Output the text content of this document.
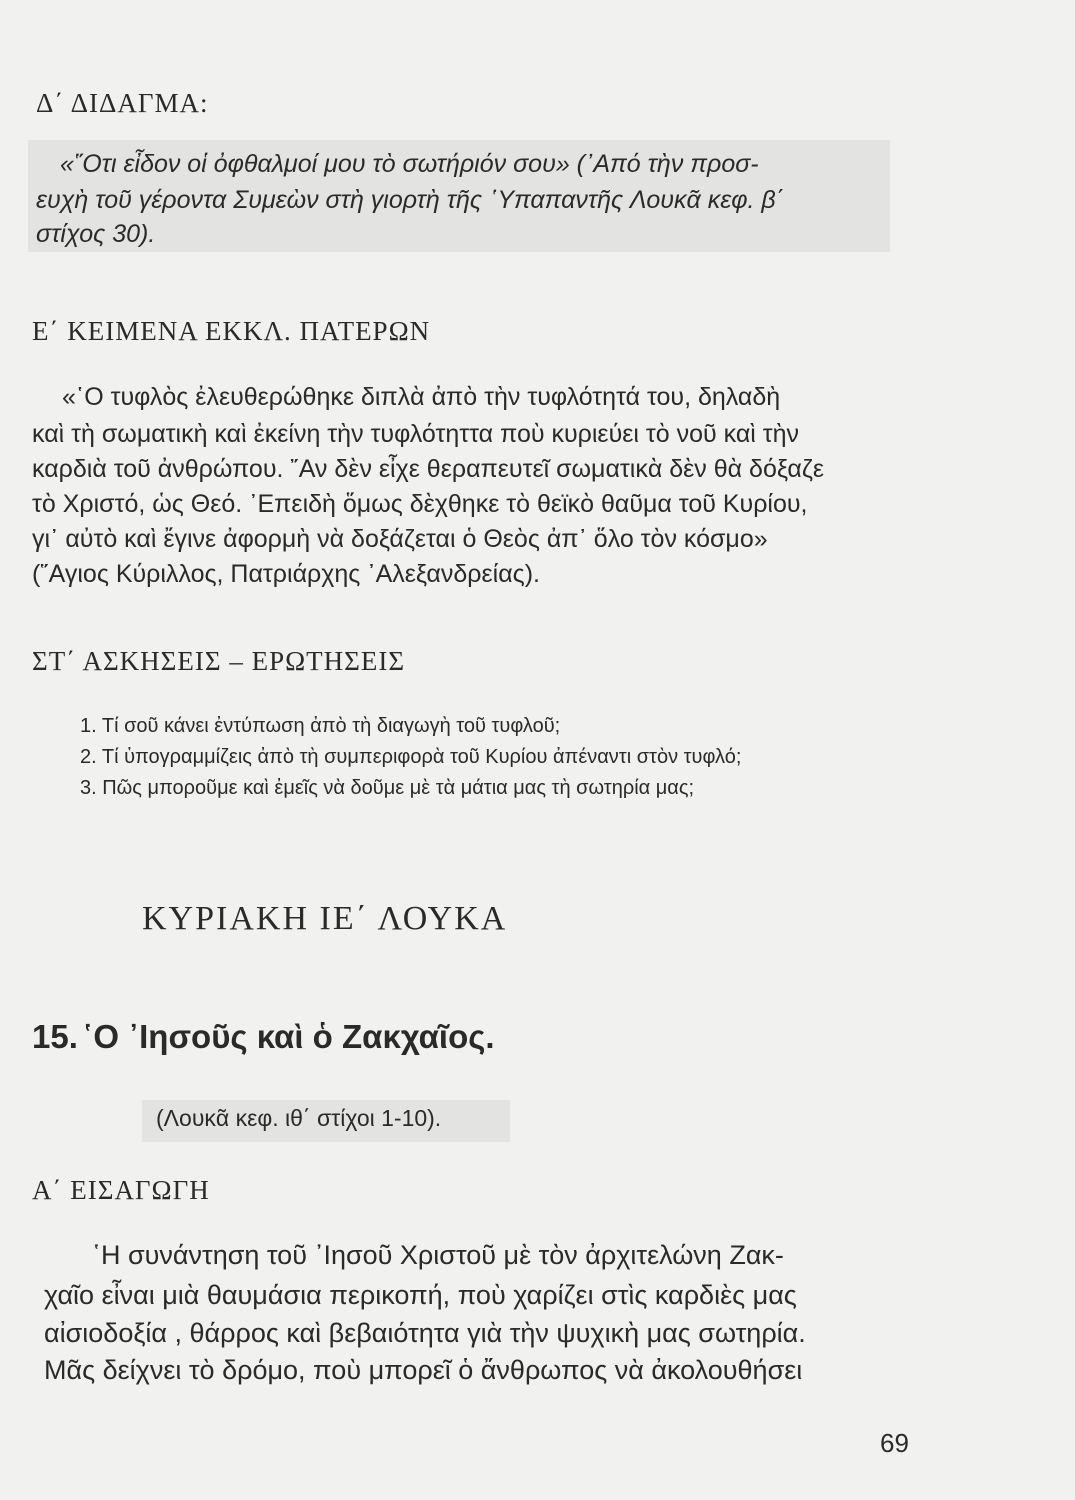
Δ΄ ΔΙΔΑΓΜΑ:
«῞Οτι εἶδον οἱ ὀφθαλμοί μου τὸ σωτήριόν σου» (᾿Από τὴν προσ-
ευχὴ τοῦ γέροντα Συμεὼν στὴ γιορτὴ τῆς ῾Υπαπαντῆς Λουκᾶ κεφ. β΄
στίχος 30).
Ε΄ ΚΕΙΜΕΝΑ ΕΚΚΛ. ΠΑΤΕΡΩΝ
«῾Ο τυφλὸς ἐλευθερώθηκε διπλὰ ἀπὸ τὴν τυφλότητά του, δηλαδὴ
καὶ τὴ σωματικὴ καὶ ἐκείνη τὴν τυφλότηττα ποὺ κυριεύει τὸ νοῦ καὶ τὴν
καρδιὰ τοῦ ἀνθρώπου. ῎Αν δὲν εἶχε θεραπευτεῖ σωματικὰ δὲν θὰ δόξαζε
τὸ Χριστό, ὡς Θεό. ᾿Επειδὴ ὅμως δὲχθηκε τὸ θεϊκὸ θαῦμα τοῦ Κυρίου,
γι᾿ αὐτὸ καὶ ἔγινε ἀφορμὴ νὰ δοξάζεται ὁ Θεὸς ἀπ᾿ ὅλο τὸν κόσμο»
(῞Αγιος Κύριλλος, Πατριάρχης ᾿Αλεξανδρείας).
ΣΤ΄ ΑΣΚΗΣΕΙΣ – ΕΡΩΤΗΣΕΙΣ
1. Τί σοῦ κάνει ἐντύπωση ἀπὸ τὴ διαγωγὴ τοῦ τυφλοῦ;
2. Τί ὑπογραμμίζεις ἀπὸ τὴ συμπεριφορὰ τοῦ Κυρίου ἀπέναντι στὸν τυφλό;
3. Πῶς μποροῦμε καὶ ἐμεῖς νὰ δοῦμε μὲ τὰ μάτια μας τὴ σωτηρία μας;
ΚΥΡΙΑΚΗ ΙΕ΄ ΛΟΥΚΑ
15. ῾Ο ᾿Ιησοῦς καὶ ὁ Ζακχαῖος.
(Λουκᾶ κεφ. ιθ΄ στίχοι 1-10).
Α΄ ΕΙΣΑΓΩΓΗ
῾Η συνάντηση τοῦ ᾿Ιησοῦ Χριστοῦ μὲ τὸν ἀρχιτελώνη Ζακ-
χαῖο εἶναι μιὰ θαυμάσια περικοπή, ποὺ χαρίζει στὶς καρδιὲς μας
αἰσιοδοξία , θάρρος καὶ βεβαιότητα γιὰ τὴν ψυχικὴ μας σωτηρία.
Μᾶς δείχνει τὸ δρόμο, ποὺ μπορεῖ ὁ ἄνθρωπος νὰ ἀκολουθήσει
69
